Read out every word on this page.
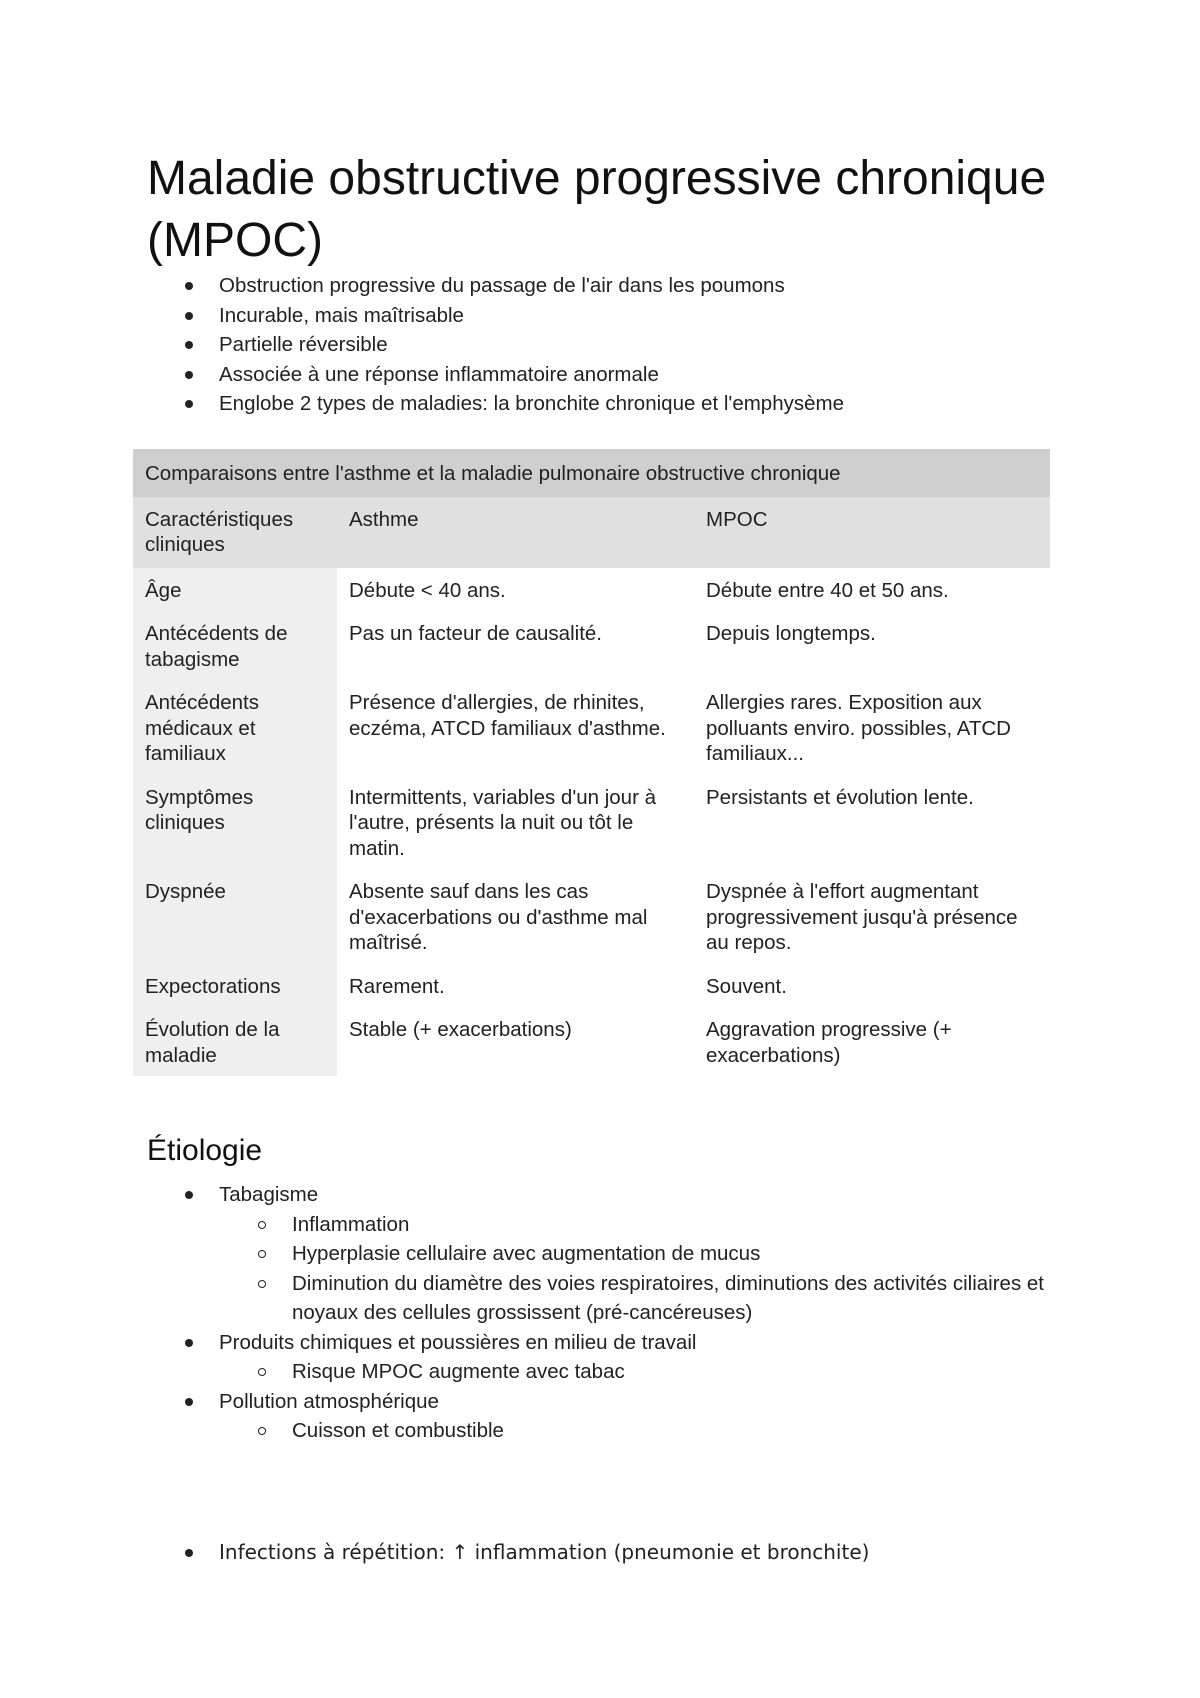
Maladie obstructive progressive chronique (MPOC)
Obstruction progressive du passage de l'air dans les poumons
Incurable, mais maîtrisable
Partielle réversible
Associée à une réponse inflammatoire anormale
Englobe 2 types de maladies: la bronchite chronique et l'emphysème
Comparaisons entre l'asthme et la maladie pulmonaire obstructive chronique		
Caractéristiques cliniques	Asthme	MPOC
Âge	Débute < 40 ans.	Débute entre 40 et 50 ans.
Antécédents de tabagisme	Pas un facteur de causalité.	Depuis longtemps.
Antécédents médicaux et familiaux	Présence d'allergies, de rhinites, eczéma, ATCD familiaux d'asthme.	Allergies rares. Exposition aux polluants enviro. possibles, ATCD familiaux...
Symptômes cliniques	Intermittents, variables d'un jour à l'autre, présents la nuit ou tôt le matin.	Persistants et évolution lente.
Dyspnée	Absente sauf dans les cas d'exacerbations ou d'asthme mal maîtrisé.	Dyspnée à l'effort augmentant progressivement jusqu'à présence au repos.
Expectorations	Rarement.	Souvent.
Évolution de la maladie	Stable (+ exacerbations)	Aggravation progressive (+ exacerbations)
Étiologie
Tabagisme
Inflammation
Hyperplasie cellulaire avec augmentation de mucus
Diminution du diamètre des voies respiratoires, diminutions des activités ciliaires et noyaux des cellules grossissent (pré-cancéreuses)
Produits chimiques et poussières en milieu de travail
Risque MPOC augmente avec tabac
Pollution atmosphérique
Cuisson et combustible
Infections à répétition: ↑ inflammation (pneumonie et bronchite)
